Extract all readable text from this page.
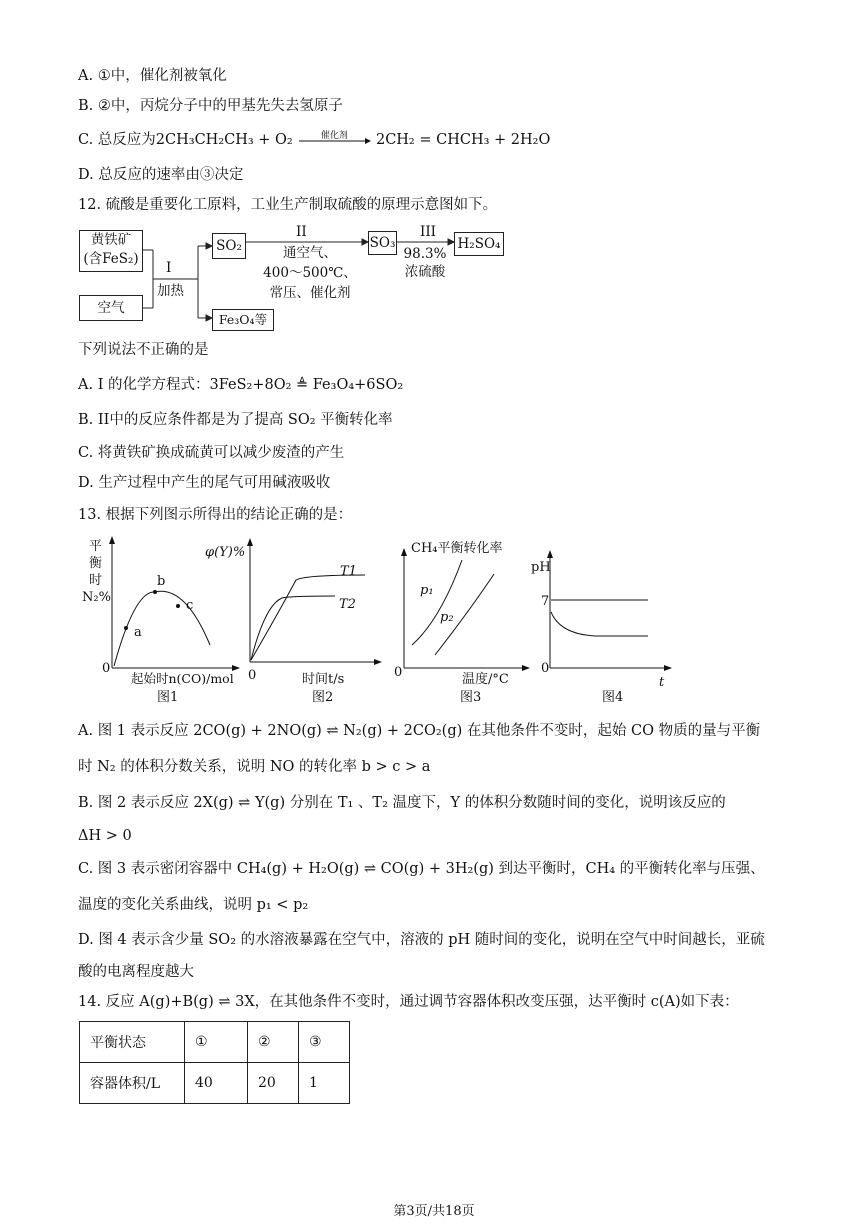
A. ①中，催化剂被氧化
B. ②中，丙烷分子中的甲基先失去氢原子
C. 总反应为2CH₃CH₂CH₃ + O₂	催化剂	2CH₂ = CHCH₃ + 2H₂O
D. 总反应的速率由③决定
12. 硫酸是重要化工原料，工业生产制取硫酸的原理示意图如下。
黄铁矿
(含FeS₂)
空气
I
加热
SO₂
Fe₃O₄等
II
通空气、
400～500℃、
常压、催化剂
SO₃
III
98.3%
浓硫酸
H₂SO₄
下列说法不正确的是
A. I 的化学方程式：3FeS₂+8O₂ ≜ Fe₃O₄+6SO₂
B. II中的反应条件都是为了提高 SO₂ 平衡转化率
C. 将黄铁矿换成硫黄可以减少废渣的产生
D. 生产过程中产生的尾气可用碱液吸收
13. 根据下列图示所得出的结论正确的是：
平
衡
时
N₂%
0
起始时n(CO)/mol
a
b
c
图1
φ(Y)%
0	时间t/s
T1
T2
图2
CH₄平衡转化率
0	温度/°C
p₁
p₂
图3
pH
7
0
t
图4
A. 图 1 表示反应 2CO(g) + 2NO(g) ⇌ N₂(g) + 2CO₂(g) 在其他条件不变时，起始 CO 物质的量与平衡
时 N₂ 的体积分数关系，说明 NO 的转化率 b > c > a
B. 图 2 表示反应 2X(g) ⇌ Y(g) 分别在 T₁ 、T₂ 温度下，Y 的体积分数随时间的变化，说明该反应的
ΔH > 0
C. 图 3 表示密闭容器中 CH₄(g) + H₂O(g) ⇌ CO(g) + 3H₂(g) 到达平衡时，CH₄ 的平衡转化率与压强、
温度的变化关系曲线，说明 p₁ < p₂
D. 图 4 表示含少量 SO₂ 的水溶液暴露在空气中，溶液的 pH 随时间的变化，说明在空气中时间越长，亚硫
酸的电离程度越大
14. 反应 A(g)+B(g) ⇌ 3X，在其他条件不变时，通过调节容器体积改变压强，达平衡时 c(A)如下表：
平衡状态	①	②	③
容器体积/L	40	20	1
第3页/共18页
